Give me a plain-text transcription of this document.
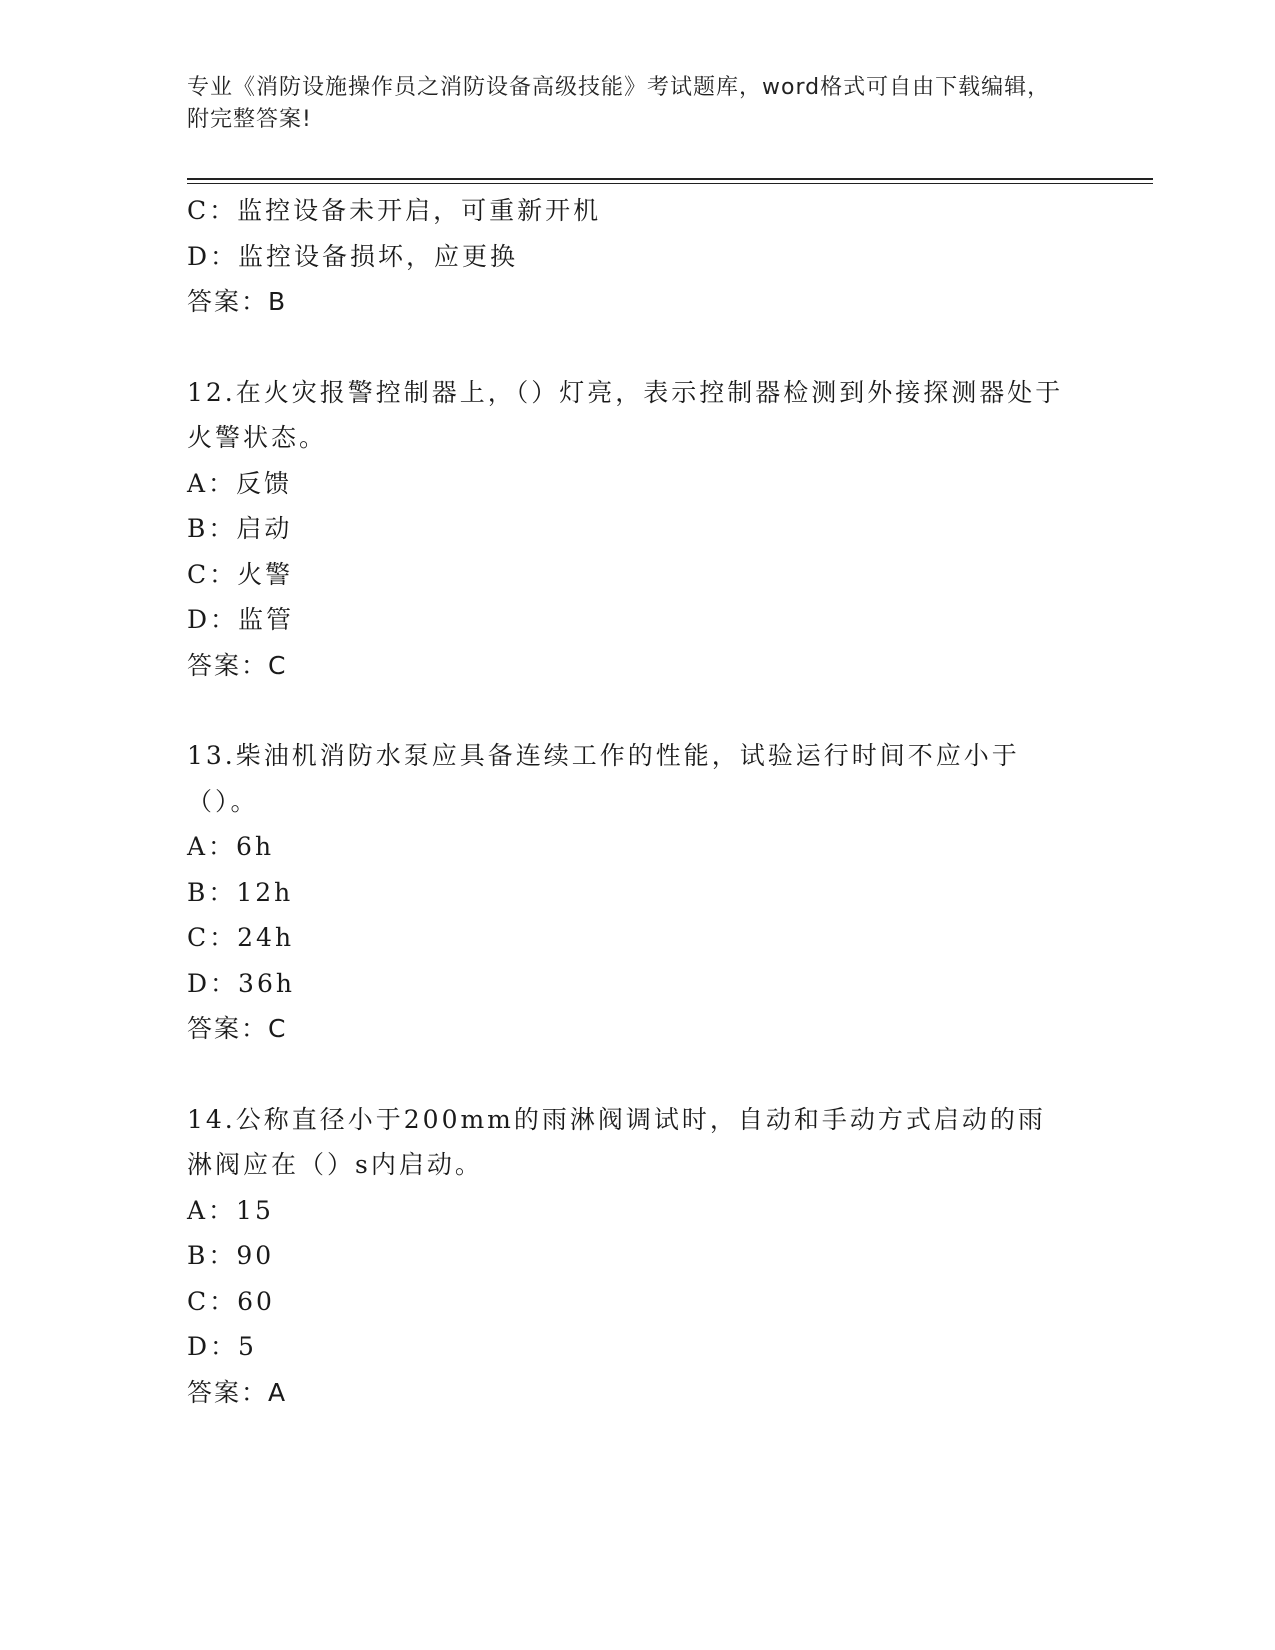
专业《消防设施操作员之消防设备高级技能》考试题库，word格式可自由下载编辑，附完整答案!
C：监控设备未开启，可重新开机
D：监控设备损坏，应更换
答案：B
12.在火灾报警控制器上，（）灯亮，表示控制器检测到外接探测器处于火警状态。
A：反馈
B：启动
C：火警
D：监管
答案：C
13.柴油机消防水泵应具备连续工作的性能，试验运行时间不应小于（）。
A：6h
B：12h
C：24h
D：36h
答案：C
14.公称直径小于200mm的雨淋阀调试时，自动和手动方式启动的雨淋阀应在（）s内启动。
A：15
B：90
C：60
D：5
答案：A
